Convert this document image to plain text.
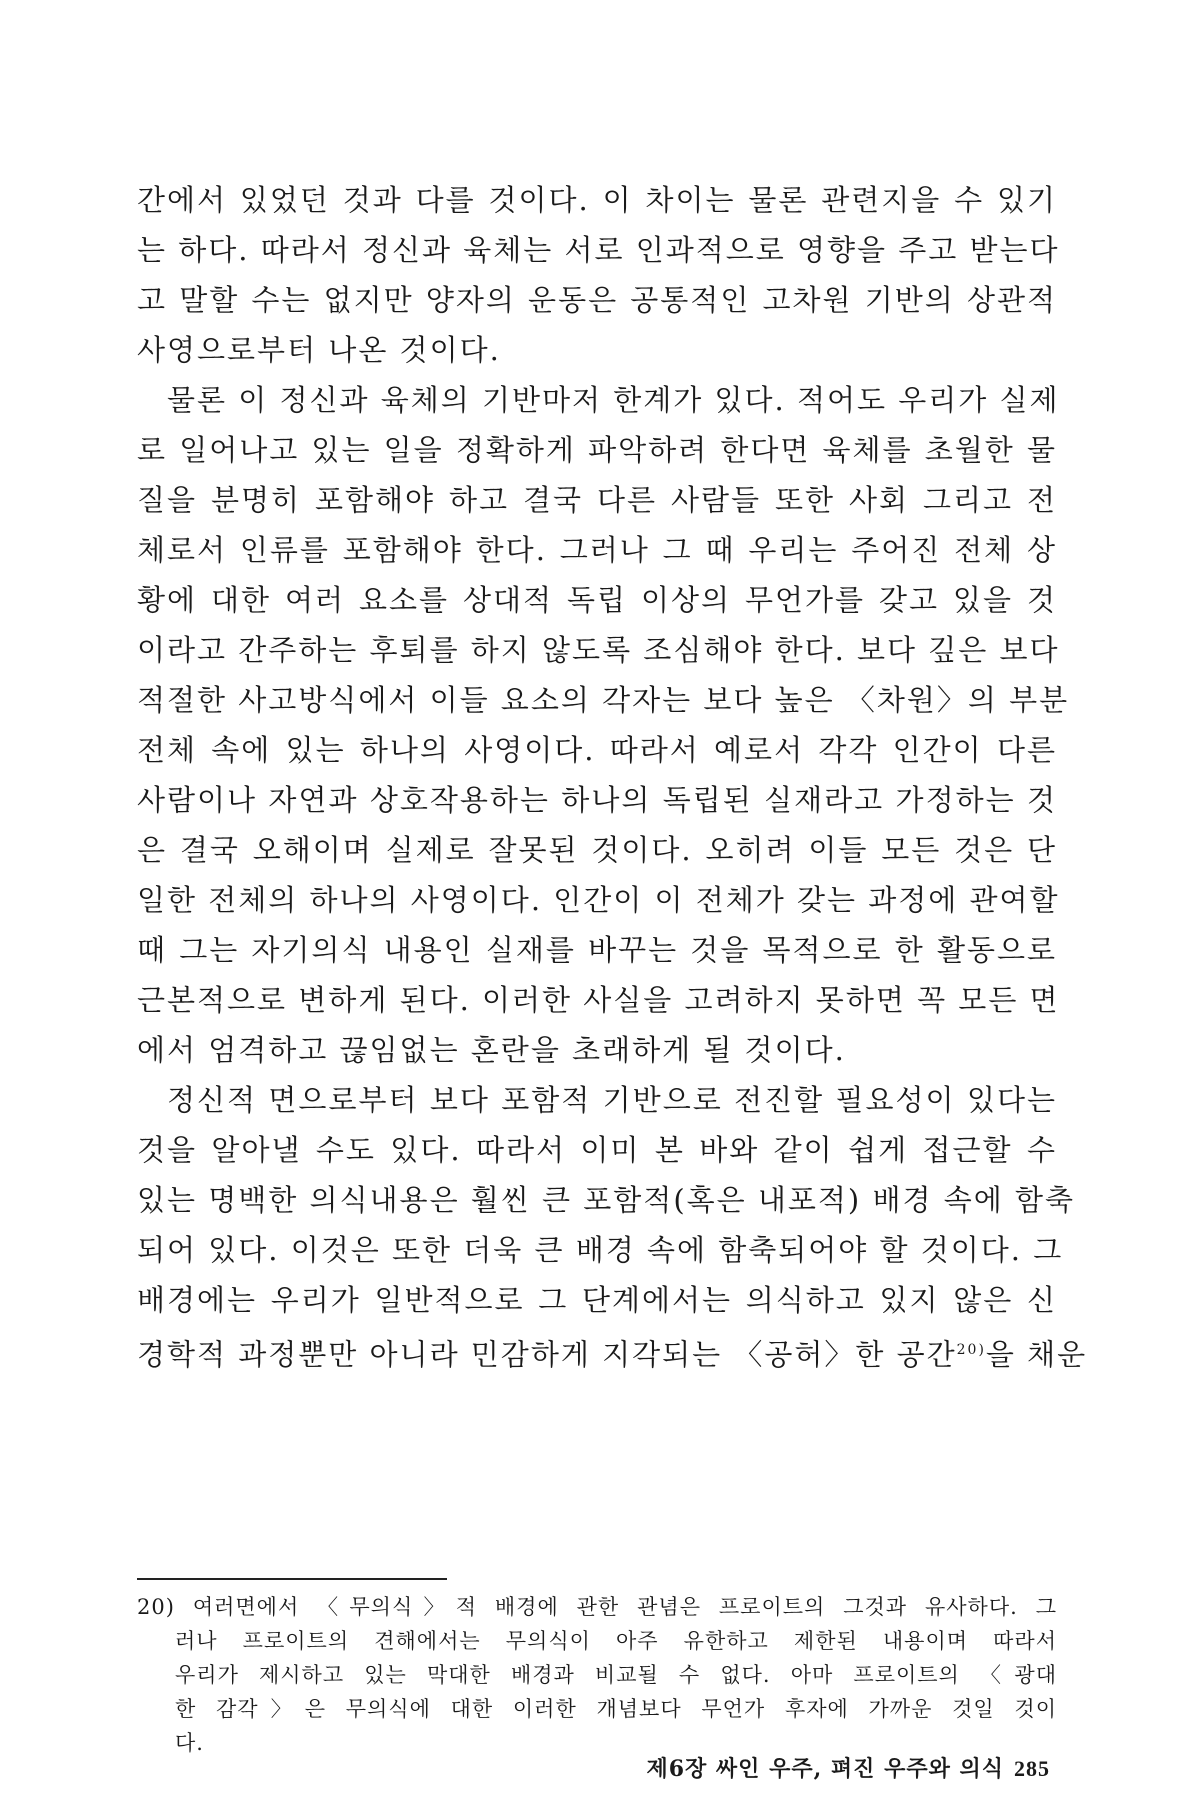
간에서 있었던 것과 다를 것이다. 이 차이는 물론 관련지을 수 있기
는 하다. 따라서 정신과 육체는 서로 인과적으로 영향을 주고 받는다
고 말할 수는 없지만 양자의 운동은 공통적인 고차원 기반의 상관적
사영으로부터 나온 것이다.
물론 이 정신과 육체의 기반마저 한계가 있다. 적어도 우리가 실제
로 일어나고 있는 일을 정확하게 파악하려 한다면 육체를 초월한 물
질을 분명히 포함해야 하고 결국 다른 사람들 또한 사회 그리고 전
체로서 인류를 포함해야 한다. 그러나 그 때 우리는 주어진 전체 상
황에 대한 여러 요소를 상대적 독립 이상의 무언가를 갖고 있을 것
이라고 간주하는 후퇴를 하지 않도록 조심해야 한다. 보다 깊은 보다
적절한 사고방식에서 이들 요소의 각자는 보다 높은 〈차원〉의 부분
전체 속에 있는 하나의 사영이다. 따라서 예로서 각각 인간이 다른
사람이나 자연과 상호작용하는 하나의 독립된 실재라고 가정하는 것
은 결국 오해이며 실제로 잘못된 것이다. 오히려 이들 모든 것은 단
일한 전체의 하나의 사영이다. 인간이 이 전체가 갖는 과정에 관여할
때 그는 자기의식 내용인 실재를 바꾸는 것을 목적으로 한 활동으로
근본적으로 변하게 된다. 이러한 사실을 고려하지 못하면 꼭 모든 면
에서 엄격하고 끊임없는 혼란을 초래하게 될 것이다.
정신적 면으로부터 보다 포함적 기반으로 전진할 필요성이 있다는
것을 알아낼 수도 있다. 따라서 이미 본 바와 같이 쉽게 접근할 수
있는 명백한 의식내용은 훨씬 큰 포함적(혹은 내포적) 배경 속에 함축
되어 있다. 이것은 또한 더욱 큰 배경 속에 함축되어야 할 것이다. 그
배경에는 우리가 일반적으로 그 단계에서는 의식하고 있지 않은 신
경학적 과정뿐만 아니라 민감하게 지각되는 〈공허〉한 공간$^{20)}$을 채운
20) 여러면에서 〈무의식〉적 배경에 관한 관념은 프로이트의 그것과 유사하다. 그
러나 프로이트의 견해에서는 무의식이 아주 유한하고 제한된 내용이며 따라서
우리가 제시하고 있는 막대한 배경과 비교될 수 없다. 아마 프로이트의 〈광대
한 감각〉은 무의식에 대한 이러한 개념보다 무언가 후자에 가까운 것일 것이
다.
제6장 싸인 우주, 펴진 우주와 의식 285
